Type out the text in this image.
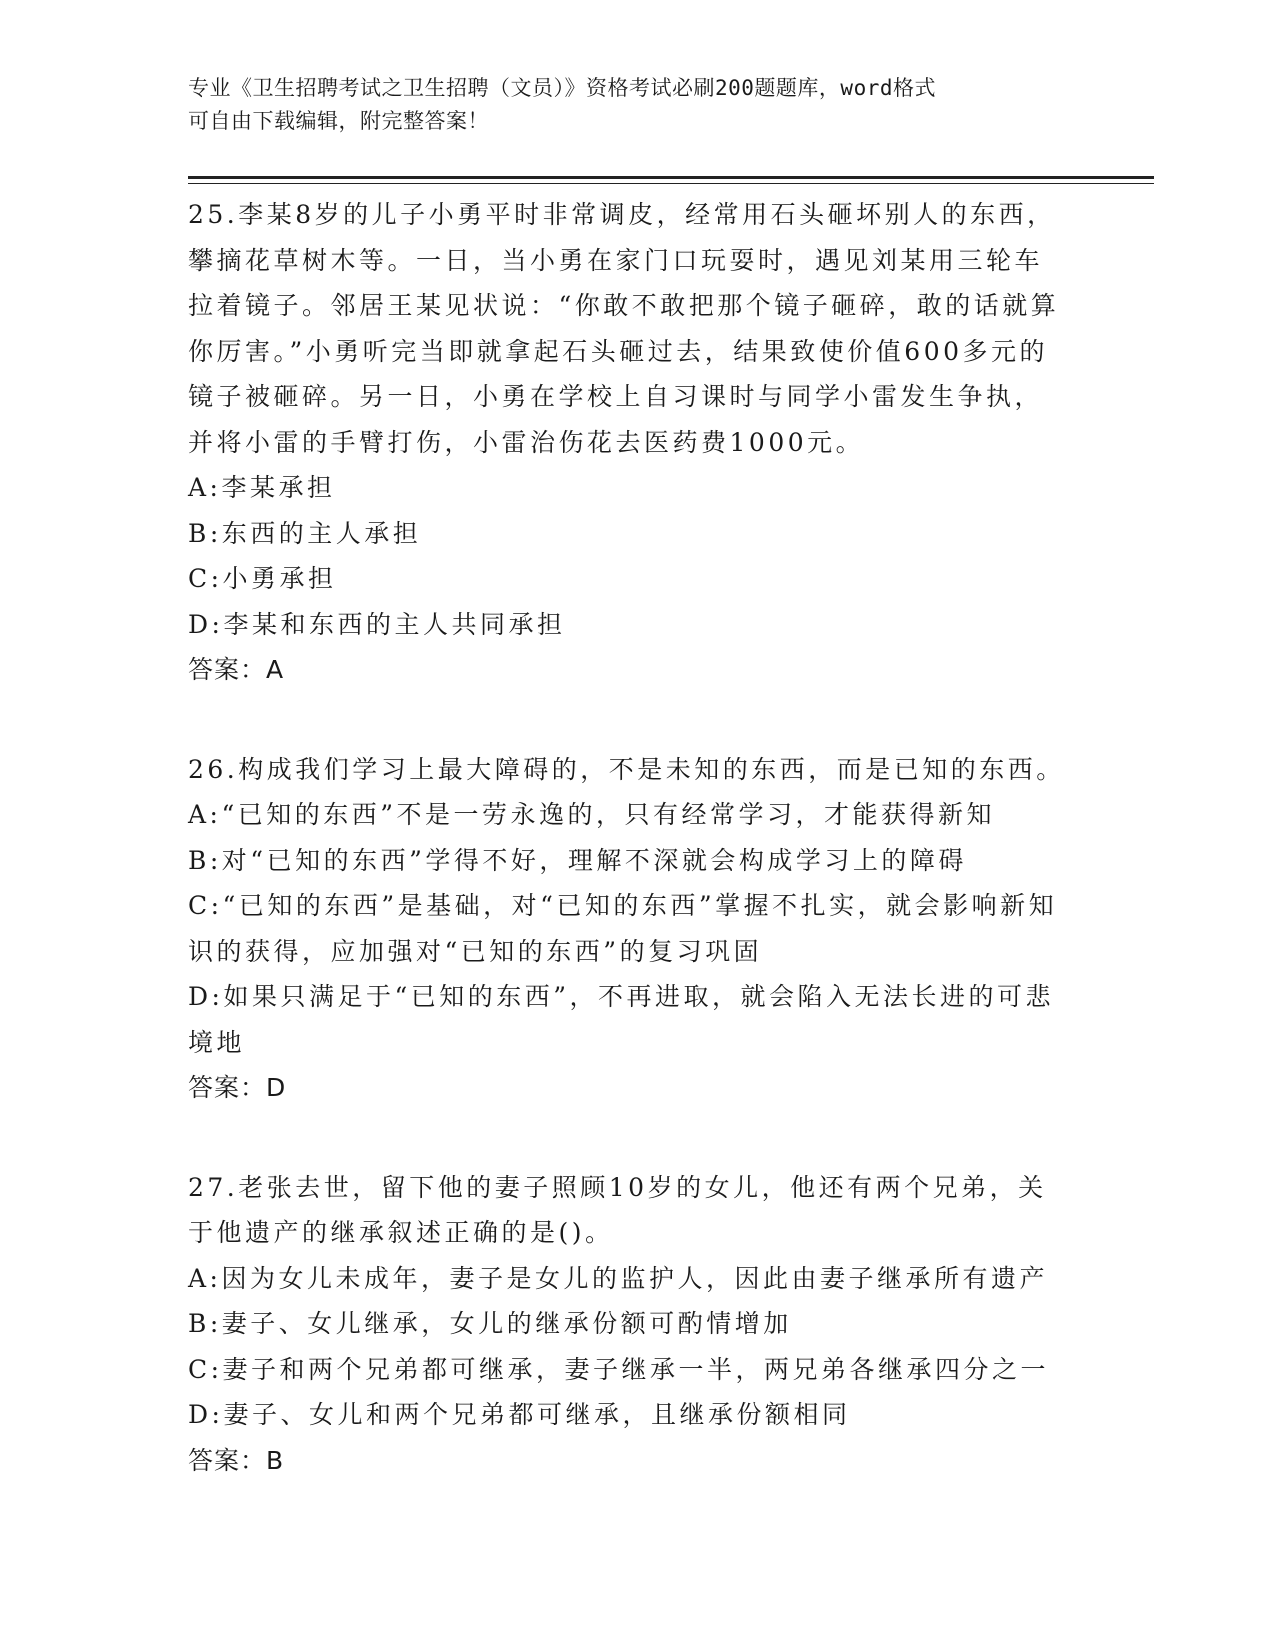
专业《卫生招聘考试之卫生招聘（文员）》资格考试必刷200题题库，word格式
可自由下载编辑，附完整答案！

25.李某8岁的儿子小勇平时非常调皮，经常用石头砸坏别人的东西，攀摘花草树木等。一日，当小勇在家门口玩耍时，遇见刘某用三轮车拉着镜子。邻居王某见状说：“你敢不敢把那个镜子砸碎，敢的话就算你厉害。”小勇听完当即就拿起石头砸过去，结果致使价值600多元的镜子被砸碎。另一日，小勇在学校上自习课时与同学小雷发生争执，并将小雷的手臂打伤，小雷治伤花去医药费1000元。

A:李某承担

B:东西的主人承担

C:小勇承担

D:李某和东西的主人共同承担

答案：A

26.构成我们学习上最大障碍的，不是未知的东西，而是已知的东西。

A:“已知的东西”不是一劳永逸的，只有经常学习，才能获得新知

B:对“已知的东西”学得不好，理解不深就会构成学习上的障碍

C:“已知的东西”是基础，对“已知的东西”掌握不扎实，就会影响新知识的获得，应加强对“已知的东西”的复习巩固

D:如果只满足于“已知的东西”，不再进取，就会陷入无法长进的可悲境地

答案：D

27.老张去世，留下他的妻子照顾10岁的女儿，他还有两个兄弟，关于他遗产的继承叙述正确的是()。

A:因为女儿未成年，妻子是女儿的监护人，因此由妻子继承所有遗产

B:妻子、女儿继承，女儿的继承份额可酌情增加

C:妻子和两个兄弟都可继承，妻子继承一半，两兄弟各继承四分之一

D:妻子、女儿和两个兄弟都可继承，且继承份额相同

答案：B
